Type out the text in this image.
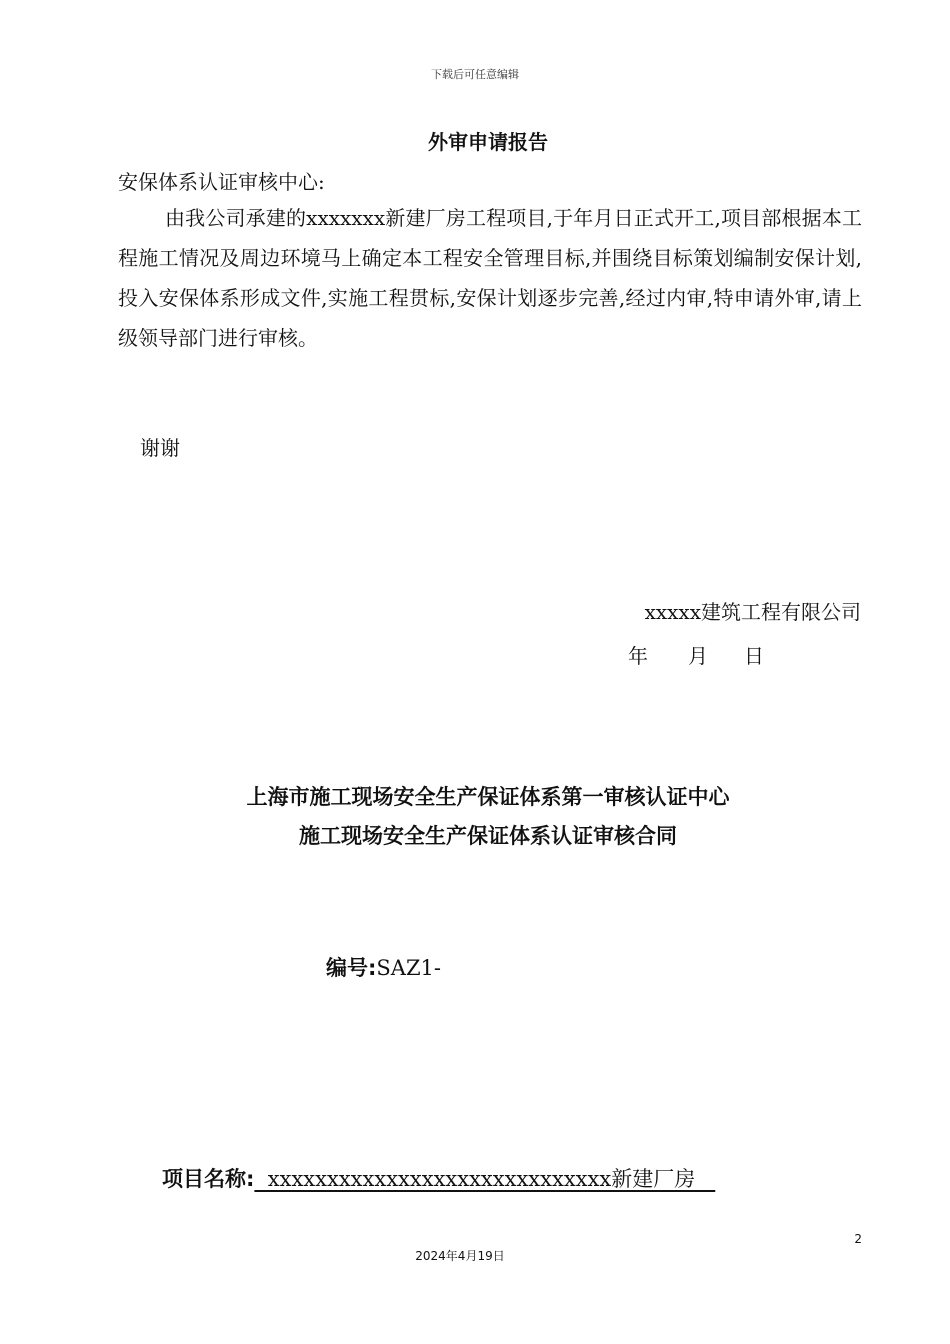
下载后可任意编辑
外审申请报告
安保体系认证审核中心:

由我公司承建的xxxxxxx新建厂房工程项目,于年月日正式开工,项目部根据本工程施工情况及周边环境马上确定本工程安全管理目标,并围绕目标策划编制安保计划,投入安保体系形成文件,实施工程贯标,安保计划逐步完善,经过内审,特申请外审,请上级领导部门进行审核。

谢谢
xxxxx建筑工程有限公司
年 月 日
上海市施工现场安全生产保证体系第一审核认证中心
施工现场安全生产保证体系认证审核合同
编号:SAZ1-
项目名称:  xxxxxxxxxxxxxxxxxxxxxxxxxxxxx新建厂房
2
2024年4月19日
